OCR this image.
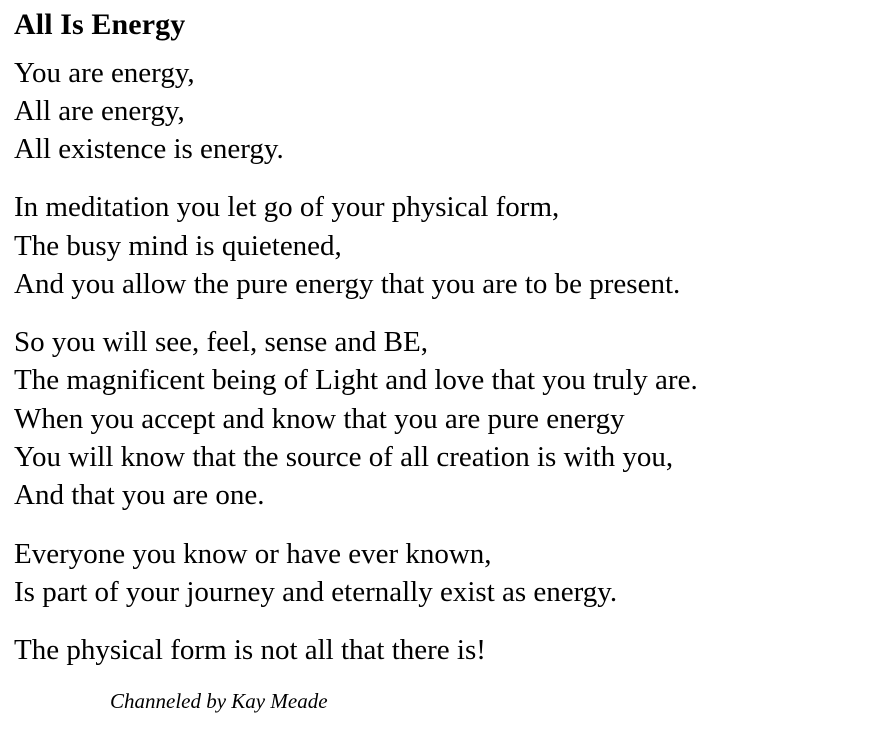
All Is Energy
You are energy,
All are energy,
All existence is energy.
In meditation you let go of your physical form,
The busy mind is quietened,
And you allow the pure energy that you are to be present.
So you will see, feel, sense and BE,
The magnificent being of Light and love that you truly are.
When you accept and know that you are pure energy
You will know that the source of all creation is with you,
And that you are one.
Everyone you know or have ever known,
Is part of your journey and eternally exist as energy.
The physical form is not all that there is!
Channeled by Kay Meade
